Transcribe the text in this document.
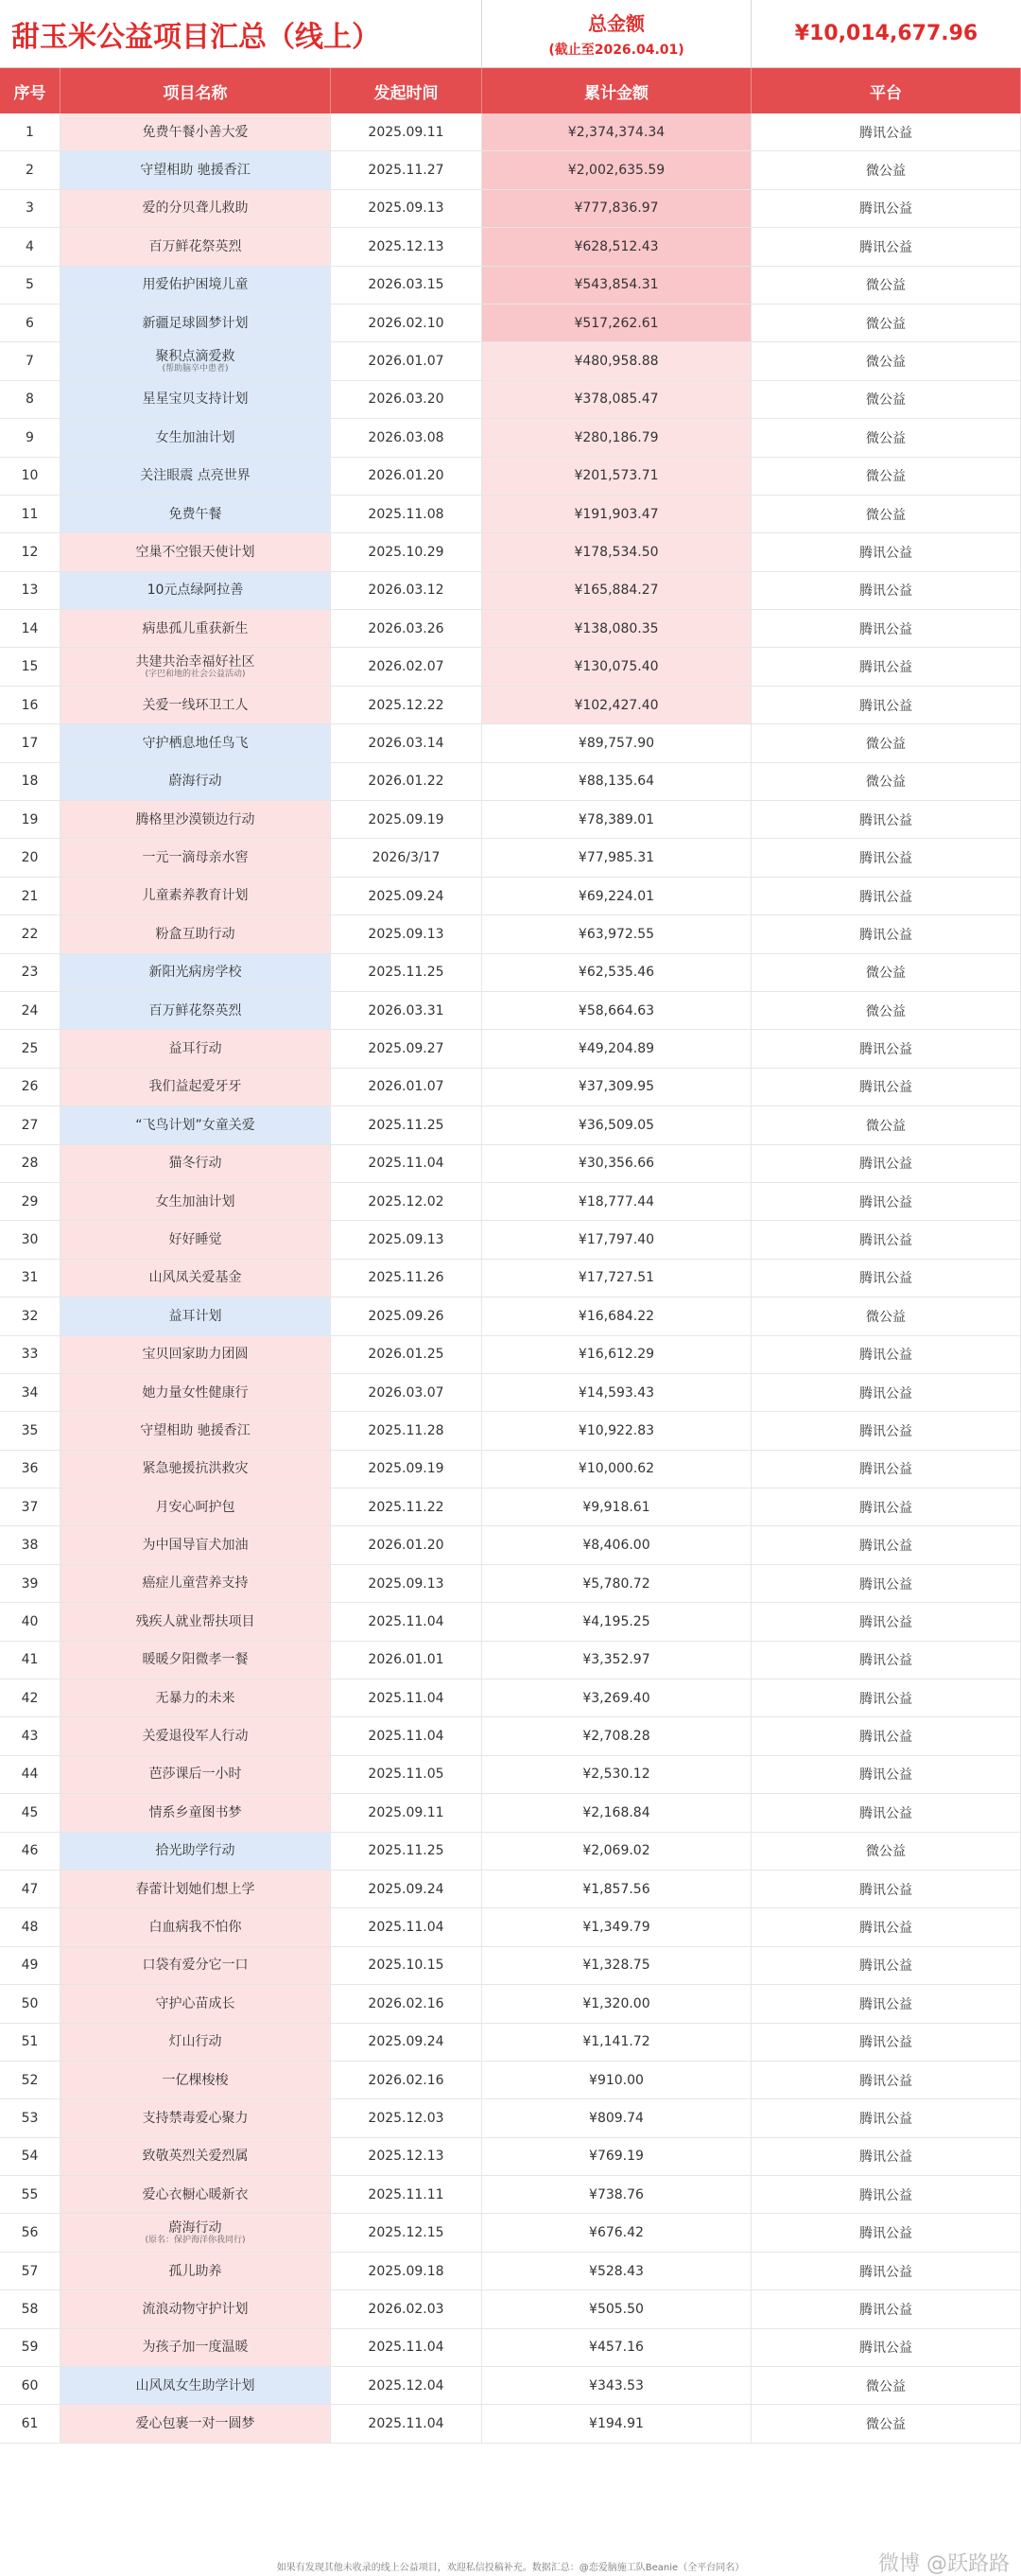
甜玉米公益项目汇总（线上）	总金额
(截止至2026.04.01)
¥10,014,677.96
序号	项目名称	发起时间	累计金额	平台
1	免费午餐小善大爱	2025.09.11	¥2,374,374.34	腾讯公益
2	守望相助 驰援香江	2025.11.27	¥2,002,635.59	微公益
3	爱的分贝聋儿救助	2025.09.13	¥777,836.97	腾讯公益
4	百万鲜花祭英烈	2025.12.13	¥628,512.43	腾讯公益
5	用爱佑护困境儿童	2026.03.15	¥543,854.31	微公益
6	新疆足球圆梦计划	2026.02.10	¥517,262.61	微公益
7	聚积点滴爱救
(帮助脑卒中患者)	2026.01.07	¥480,958.88	微公益
8	星星宝贝支持计划	2026.03.20	¥378,085.47	微公益
9	女生加油计划	2026.03.08	¥280,186.79	微公益
10	关注眼震 点亮世界	2026.01.20	¥201,573.71	微公益
11	免费午餐	2025.11.08	¥191,903.47	微公益
12	空巢不空银天使计划	2025.10.29	¥178,534.50	腾讯公益
13	10元点绿阿拉善	2026.03.12	¥165,884.27	腾讯公益
14	病患孤儿重获新生	2026.03.26	¥138,080.35	腾讯公益
15	共建共治幸福好社区
(字巴和地的社会公益活动)	2026.02.07	¥130,075.40	腾讯公益
16	关爱一线环卫工人	2025.12.22	¥102,427.40	腾讯公益
17	守护栖息地任鸟飞	2026.03.14	¥89,757.90	微公益
18	蔚海行动	2026.01.22	¥88,135.64	微公益
19	腾格里沙漠锁边行动	2025.09.19	¥78,389.01	腾讯公益
20	一元一滴母亲水窖	2026/3/17	¥77,985.31	腾讯公益
21	儿童素养教育计划	2025.09.24	¥69,224.01	腾讯公益
22	粉盒互助行动	2025.09.13	¥63,972.55	腾讯公益
23	新阳光病房学校	2025.11.25	¥62,535.46	微公益
24	百万鲜花祭英烈	2026.03.31	¥58,664.63	微公益
25	益耳行动	2025.09.27	¥49,204.89	腾讯公益
26	我们益起爱牙牙	2026.01.07	¥37,309.95	腾讯公益
27	“飞鸟计划”女童关爱	2025.11.25	¥36,509.05	微公益
28	猫冬行动	2025.11.04	¥30,356.66	腾讯公益
29	女生加油计划	2025.12.02	¥18,777.44	腾讯公益
30	好好睡觉	2025.09.13	¥17,797.40	腾讯公益
31	山风凤关爱基金	2025.11.26	¥17,727.51	腾讯公益
32	益耳计划	2025.09.26	¥16,684.22	微公益
33	宝贝回家助力团圆	2026.01.25	¥16,612.29	腾讯公益
34	她力量女性健康行	2026.03.07	¥14,593.43	腾讯公益
35	守望相助 驰援香江	2025.11.28	¥10,922.83	腾讯公益
36	紧急驰援抗洪救灾	2025.09.19	¥10,000.62	腾讯公益
37	月安心呵护包	2025.11.22	¥9,918.61	腾讯公益
38	为中国导盲犬加油	2026.01.20	¥8,406.00	腾讯公益
39	癌症儿童营养支持	2025.09.13	¥5,780.72	腾讯公益
40	残疾人就业帮扶项目	2025.11.04	¥4,195.25	腾讯公益
41	暖暖夕阳微孝一餐	2026.01.01	¥3,352.97	腾讯公益
42	无暴力的未来	2025.11.04	¥3,269.40	腾讯公益
43	关爱退役军人行动	2025.11.04	¥2,708.28	腾讯公益
44	芭莎课后一小时	2025.11.05	¥2,530.12	腾讯公益
45	情系乡童图书梦	2025.09.11	¥2,168.84	腾讯公益
46	拾光助学行动	2025.11.25	¥2,069.02	微公益
47	春蕾计划她们想上学	2025.09.24	¥1,857.56	腾讯公益
48	白血病我不怕你	2025.11.04	¥1,349.79	腾讯公益
49	口袋有爱分它一口	2025.10.15	¥1,328.75	腾讯公益
50	守护心苗成长	2026.02.16	¥1,320.00	腾讯公益
51	灯山行动	2025.09.24	¥1,141.72	腾讯公益
52	一亿棵梭梭	2026.02.16	¥910.00	腾讯公益
53	支持禁毒爱心聚力	2025.12.03	¥809.74	腾讯公益
54	致敬英烈关爱烈属	2025.12.13	¥769.19	腾讯公益
55	爱心衣橱心暖新衣	2025.11.11	¥738.76	腾讯公益
56	蔚海行动
(原名：保护海洋你我同行)	2025.12.15	¥676.42	腾讯公益
57	孤儿助养	2025.09.18	¥528.43	腾讯公益
58	流浪动物守护计划	2026.02.03	¥505.50	腾讯公益
59	为孩子加一度温暖	2025.11.04	¥457.16	腾讯公益
60	山风凤女生助学计划	2025.12.04	¥343.53	微公益
61	爱心包裹一对一圆梦	2025.11.04	¥194.91	微公益
如果有发现其他未收录的线上公益项目，欢迎私信投稿补充。数据汇总：@恋爱脑施工队Beanie（全平台同名）	微博 @跃路路
